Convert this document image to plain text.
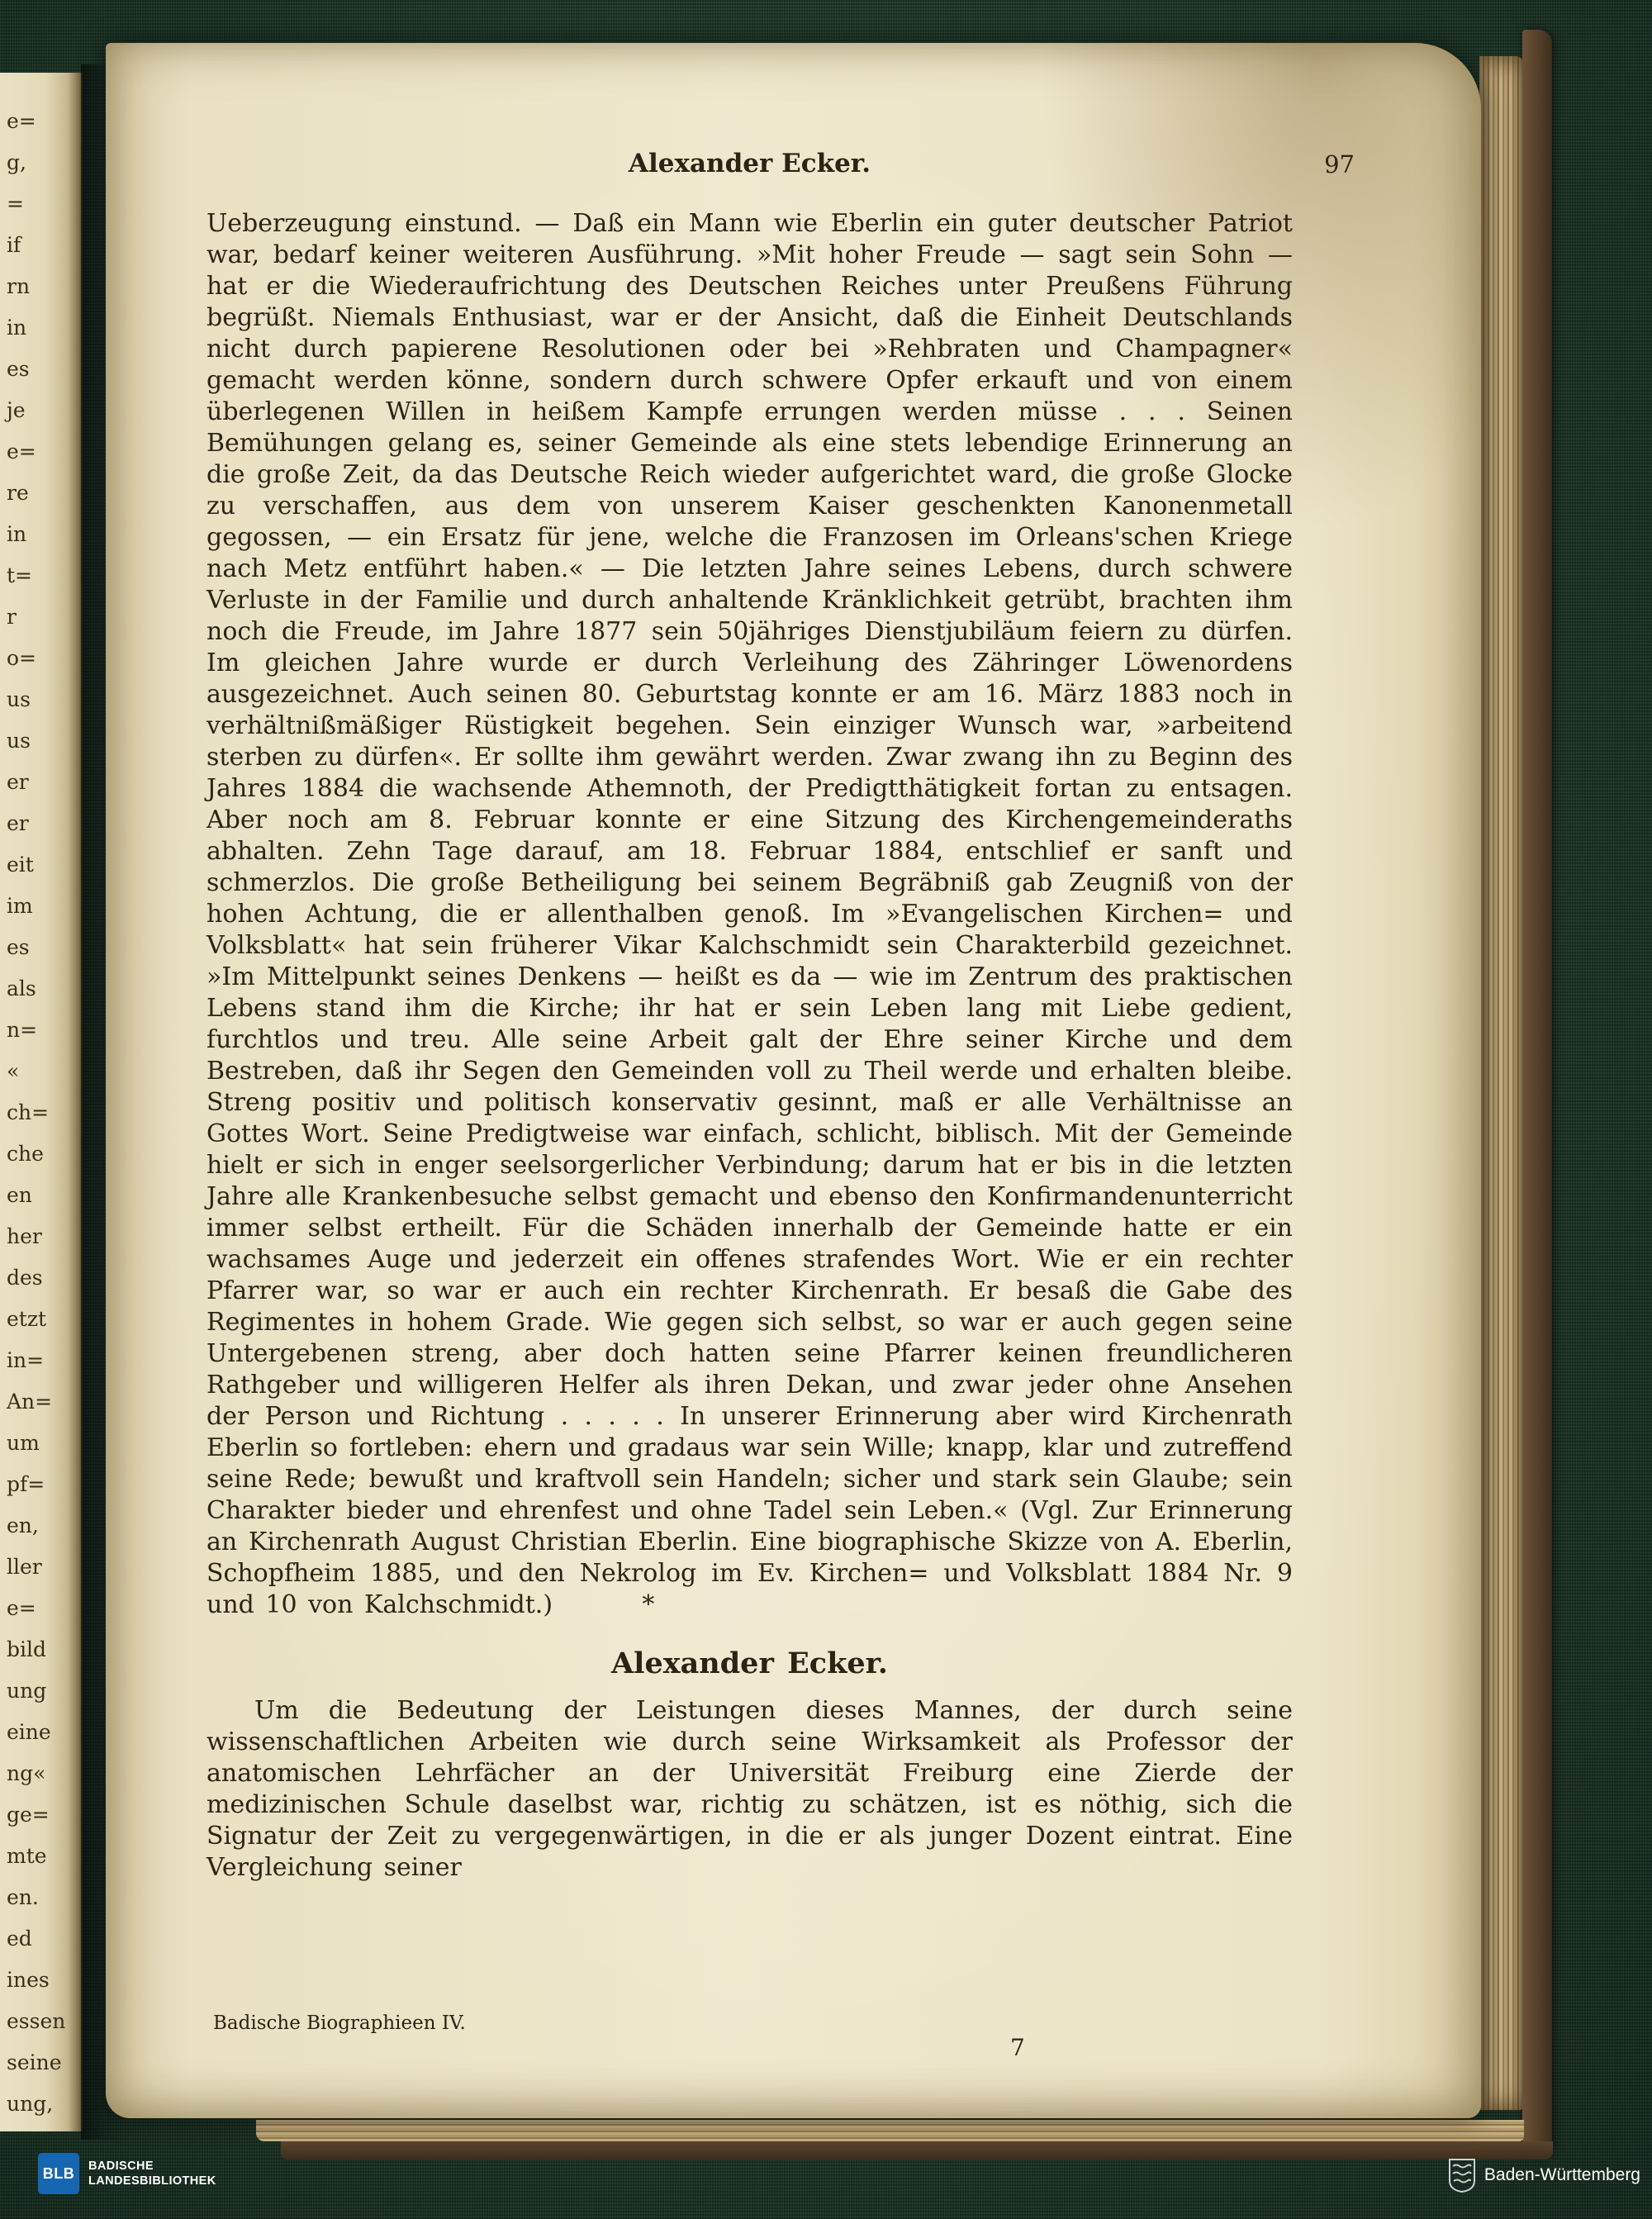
e=
g,
=
if
rn
in
es
je
e=
re
in
t=
r
o=
us
us
er
er
eit
im
es
als
n=
«
ch=
che
en
her
des
etzt
in=
An=
um
pf=
en,
ller
e=
bild
ung
eine
ng«
ge=
mte
en.
ed
ines
essen
seine
ung,
Alexander Ecker.	97

Ueberzeugung einstund. — Daß ein Mann wie Eberlin ein guter deutscher Patriot war, bedarf keiner weiteren Ausführung. »Mit hoher Freude — sagt sein Sohn — hat er die Wiederaufrichtung des Deutschen Reiches unter Preußens Führung begrüßt. Niemals Enthusiast, war er der Ansicht, daß die Einheit Deutschlands nicht durch papierene Resolutionen oder bei »Rehbraten und Champagner« gemacht werden könne, sondern durch schwere Opfer erkauft und von einem überlegenen Willen in heißem Kampfe errungen werden müsse . . . Seinen Bemühungen gelang es, seiner Gemeinde als eine stets lebendige Erinnerung an die große Zeit, da das Deutsche Reich wieder aufgerichtet ward, die große Glocke zu verschaffen, aus dem von unserem Kaiser geschenkten Kanonenmetall gegossen, — ein Ersatz für jene, welche die Franzosen im Orleans'schen Kriege nach Metz entführt haben.« — Die letzten Jahre seines Lebens, durch schwere Verluste in der Familie und durch anhaltende Kränklichkeit getrübt, brachten ihm noch die Freude, im Jahre 1877 sein 50jähriges Dienstjubiläum feiern zu dürfen. Im gleichen Jahre wurde er durch Verleihung des Zähringer Löwenordens ausgezeichnet. Auch seinen 80. Geburtstag konnte er am 16. März 1883 noch in verhältnißmäßiger Rüstigkeit begehen. Sein einziger Wunsch war, »arbeitend sterben zu dürfen«. Er sollte ihm gewährt werden. Zwar zwang ihn zu Beginn des Jahres 1884 die wachsende Athemnoth, der Predigtthätigkeit fortan zu entsagen. Aber noch am 8. Februar konnte er eine Sitzung des Kirchengemeinderaths abhalten. Zehn Tage darauf, am 18. Februar 1884, entschlief er sanft und schmerzlos. Die große Betheiligung bei seinem Begräbniß gab Zeugniß von der hohen Achtung, die er allenthalben genoß. Im »Evangelischen Kirchen= und Volksblatt« hat sein früherer Vikar Kalchschmidt sein Charakterbild gezeichnet. »Im Mittelpunkt seines Denkens — heißt es da — wie im Zentrum des praktischen Lebens stand ihm die Kirche; ihr hat er sein Leben lang mit Liebe gedient, furchtlos und treu. Alle seine Arbeit galt der Ehre seiner Kirche und dem Bestreben, daß ihr Segen den Gemeinden voll zu Theil werde und erhalten bleibe. Streng positiv und politisch konservativ gesinnt, maß er alle Verhältnisse an Gottes Wort. Seine Predigtweise war einfach, schlicht, biblisch. Mit der Gemeinde hielt er sich in enger seelsorgerlicher Verbindung; darum hat er bis in die letzten Jahre alle Krankenbesuche selbst gemacht und ebenso den Konfirmandenunterricht immer selbst ertheilt. Für die Schäden innerhalb der Gemeinde hatte er ein wachsames Auge und jederzeit ein offenes strafendes Wort. Wie er ein rechter Pfarrer war, so war er auch ein rechter Kirchenrath. Er besaß die Gabe des Regimentes in hohem Grade. Wie gegen sich selbst, so war er auch gegen seine Untergebenen streng, aber doch hatten seine Pfarrer keinen freundlicheren Rathgeber und willigeren Helfer als ihren Dekan, und zwar jeder ohne Ansehen der Person und Richtung . . . . . In unserer Erinnerung aber wird Kirchenrath Eberlin so fortleben: ehern und gradaus war sein Wille; knapp, klar und zutreffend seine Rede; bewußt und kraftvoll sein Handeln; sicher und stark sein Glaube; sein Charakter bieder und ehrenfest und ohne Tadel sein Leben.« (Vgl. Zur Erinnerung an Kirchenrath August Christian Eberlin. Eine biographische Skizze von A. Eberlin, Schopfheim 1885, und den Nekrolog im Ev. Kirchen= und Volksblatt 1884 Nr. 9 und 10 von Kalchschmidt.)        *

Alexander Ecker.

Um die Bedeutung der Leistungen dieses Mannes, der durch seine wissenschaftlichen Arbeiten wie durch seine Wirksamkeit als Professor der anatomischen Lehrfächer an der Universität Freiburg eine Zierde der medizinischen Schule daselbst war, richtig zu schätzen, ist es nöthig, sich die Signatur der Zeit zu vergegenwärtigen, in die er als junger Dozent eintrat. Eine Vergleichung seiner

Badische Biographieen IV.
7
BLB	BADISCHE
LANDESBIBLIOTHEK	Baden-Württemberg
